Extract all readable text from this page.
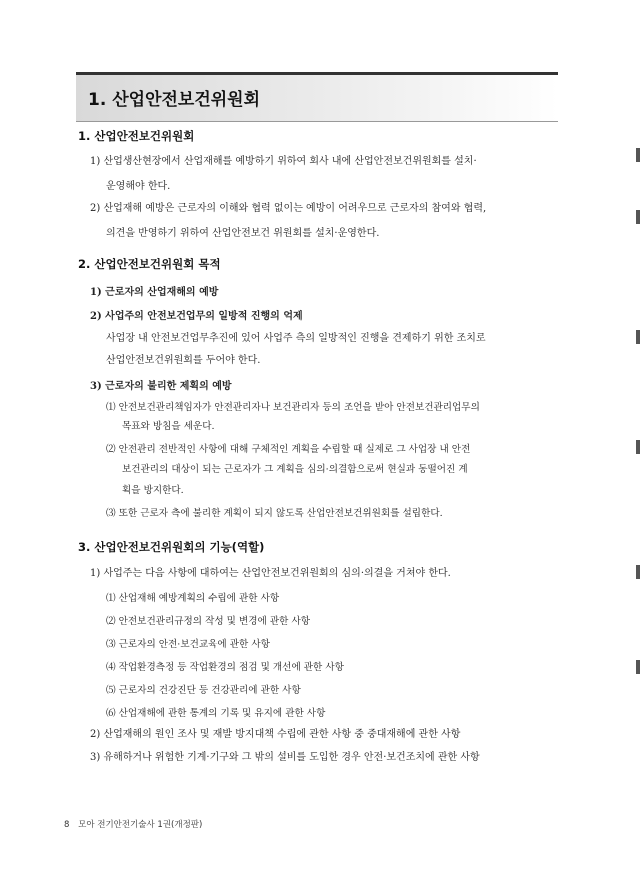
1. 산업안전보건위원회
1. 산업안전보건위원회
1) 산업생산현장에서 산업재해를 예방하기 위하여 회사 내에 산업안전보건위원회를 설치·
운영해야 한다.
2) 산업재해 예방은 근로자의 이해와 협력 없이는 예방이 어려우므로 근로자의 참여와 협력,
의견을 반영하기 위하여 산업안전보건 위원회를 설치·운영한다.
2. 산업안전보건위원회 목적
1) 근로자의 산업재해의 예방
2) 사업주의 안전보건업무의 일방적 진행의 억제
사업장 내 안전보건업무추진에 있어 사업주 측의 일방적인 진행을 견제하기 위한 조치로
산업안전보건위원회를 두어야 한다.
3) 근로자의 불리한 제획의 예방
⑴ 안전보건관리책임자가 안전관리자나 보건관리자 등의 조언을 받아 안전보건관리업무의
목표와 방침을 세운다.
⑵ 안전관리 전반적인 사항에 대해 구체적인 계획을 수립할 때 실제로 그 사업장 내 안전
보건관리의 대상이 되는 근로자가 그 계획을 심의·의결함으로써 현실과 동떨어진 계
획을 방지한다.
⑶ 또한 근로자 측에 불리한 계획이 되지 않도록 산업안전보건위원회를 설립한다.
3. 산업안전보건위원회의 기능(역할)
1) 사업주는 다음 사항에 대하여는 산업안전보건위원회의 심의·의결을 거쳐야 한다.
⑴ 산업재해 예방계획의 수립에 관한 사항
⑵ 안전보건관리규정의 작성 및 변경에 관한 사항
⑶ 근로자의 안전·보건교육에 관한 사항
⑷ 작업환경측정 등 작업환경의 점검 및 개선에 관한 사항
⑸ 근로자의 건강진단 등 건강관리에 관한 사항
⑹ 산업재해에 관한 통계의 기록 및 유지에 관한 사항
2) 산업재해의 원인 조사 및 재발 방지대책 수립에 관한 사항 중 중대재해에 관한 사항
3) 유해하거나 위험한 기계·기구와 그 밖의 설비를 도입한 경우 안전·보건조치에 관한 사항
8 모아 전기안전기술사 1권(개정판)
